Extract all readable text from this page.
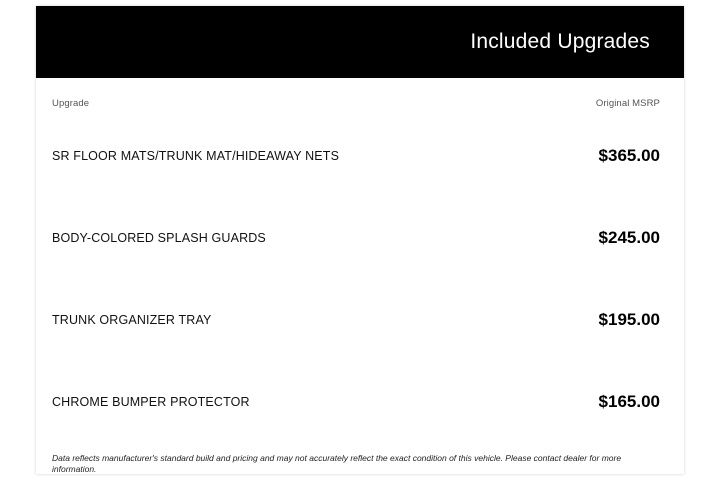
Included Upgrades
Upgrade	Original MSRP
SR FLOOR MATS/TRUNK MAT/HIDEAWAY NETS	$365.00
BODY-COLORED SPLASH GUARDS	$245.00
TRUNK ORGANIZER TRAY	$195.00
CHROME BUMPER PROTECTOR	$165.00
Data reflects manufacturer's standard build and pricing and may not accurately reflect the exact condition of this vehicle. Please contact dealer for more information.
